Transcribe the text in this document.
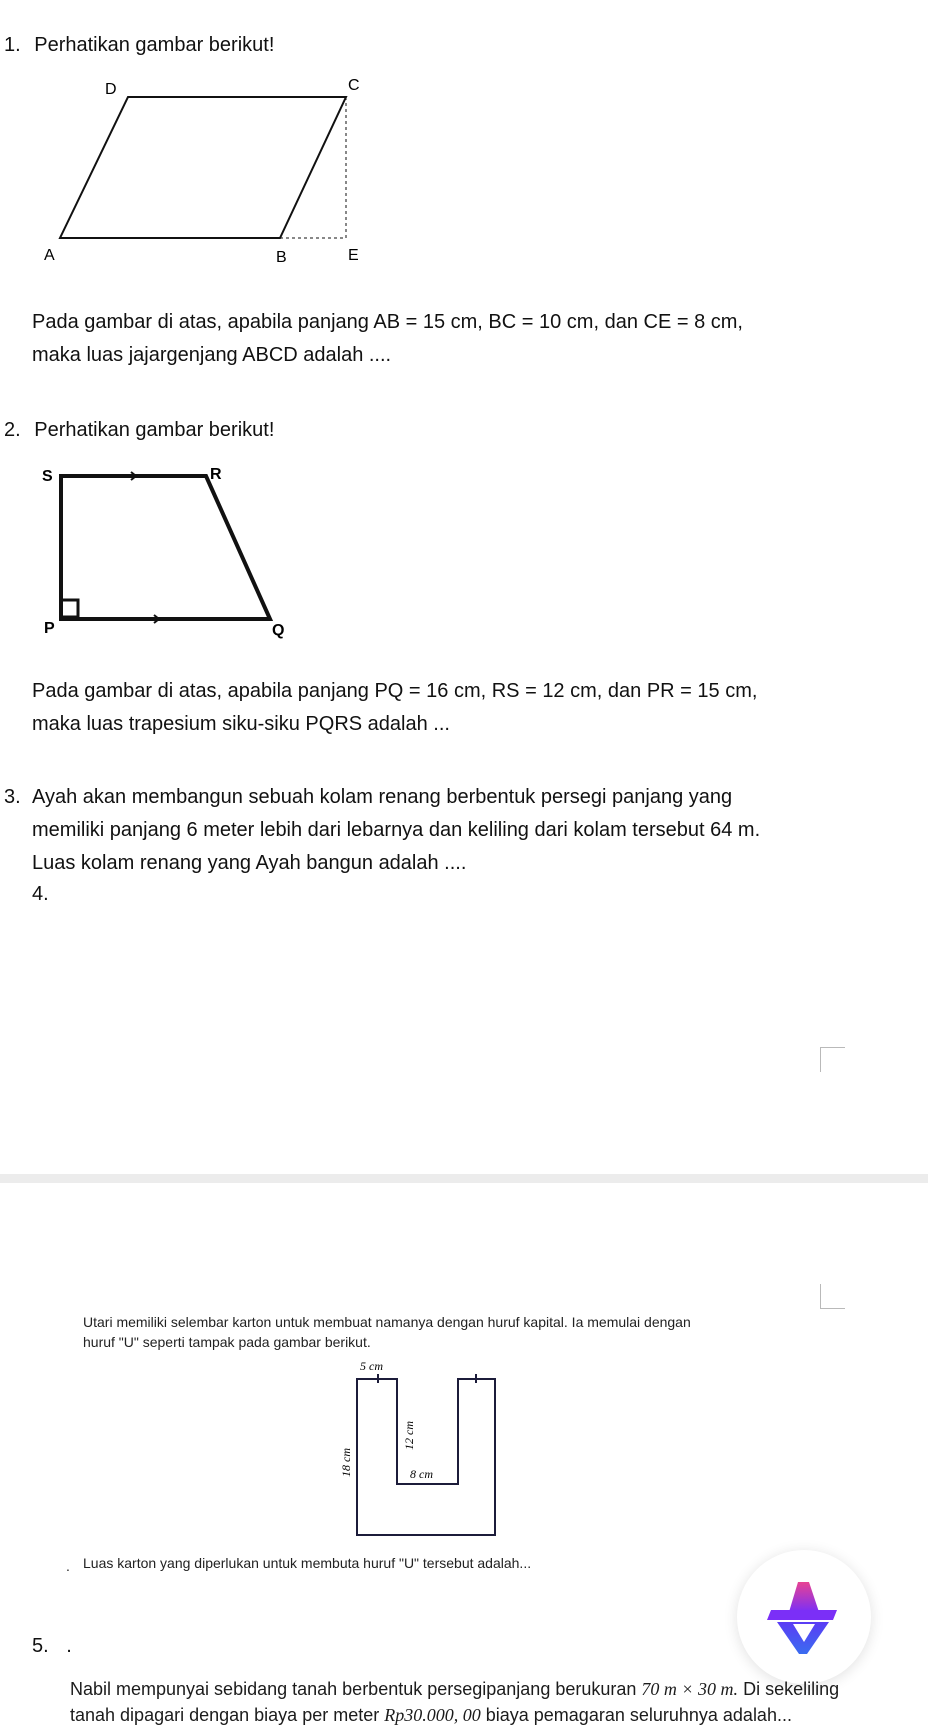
1. Perhatikan gambar berikut!
A	B	E
D	C
Pada gambar di atas, apabila panjang AB = 15 cm, BC = 10 cm, dan CE = 8 cm,
maka luas jajargenjang ABCD adalah ....
2. Perhatikan gambar berikut!
S	R
P	Q
Pada gambar di atas, apabila panjang PQ = 16 cm, RS = 12 cm, dan PR = 15 cm,
maka luas trapesium siku-siku PQRS adalah ...
3. Ayah akan membangun sebuah kolam renang berbentuk persegi panjang yang
memiliki panjang 6 meter lebih dari lebarnya dan keliling dari kolam tersebut 64 m.
Luas kolam renang yang Ayah bangun adalah ....
4.
Utari memiliki selembar karton untuk membuat namanya dengan huruf kapital. Ia memulai dengan
huruf "U" seperti tampak pada gambar berikut.
5 cm
18 cm
12 cm
8 cm
. Luas karton yang diperlukan untuk membuta huruf "U" tersebut adalah...
5. .
Nabil mempunyai sebidang tanah berbentuk persegipanjang berukuran 70 m × 30 m. Di sekeliling
tanah dipagari dengan biaya per meter Rp30.000, 00 biaya pemagaran seluruhnya adalah...
